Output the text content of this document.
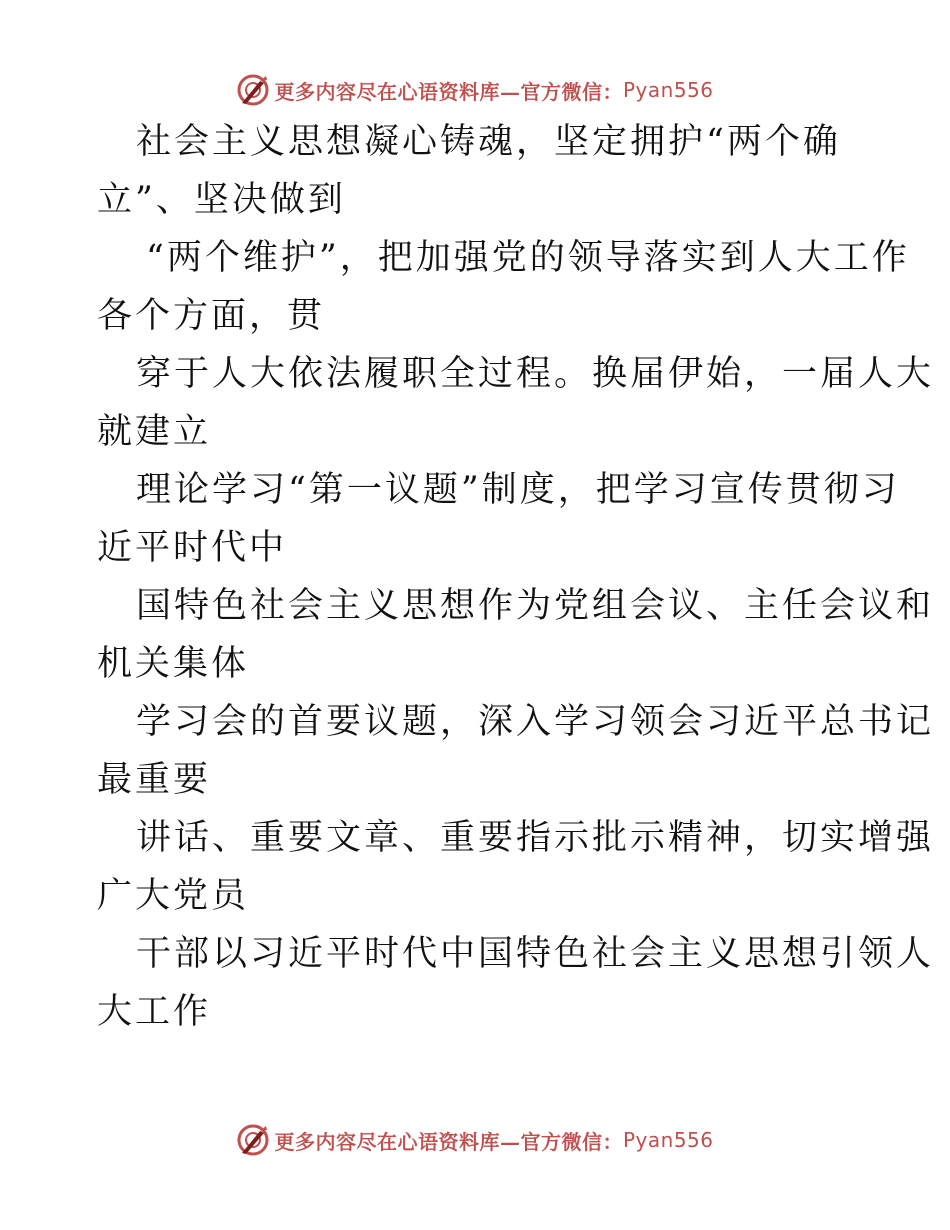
更多内容尽在心语资料库—官方微信： Pyan556
社会主义思想凝心铸魂，坚定拥护“两个确
立”、坚决做到
“两个维护”，把加强党的领导落实到人大工作
各个方面，贯
穿于人大依法履职全过程。换届伊始，一届人大
就建立
理论学习“第一议题”制度，把学习宣传贯彻习
近平时代中
国特色社会主义思想作为党组会议、主任会议和
机关集体
学习会的首要议题，深入学习领会习近平总书记
最重要
讲话、重要文章、重要指示批示精神，切实增强
广大党员
干部以习近平时代中国特色社会主义思想引领人
大工作
更多内容尽在心语资料库—官方微信： Pyan556
